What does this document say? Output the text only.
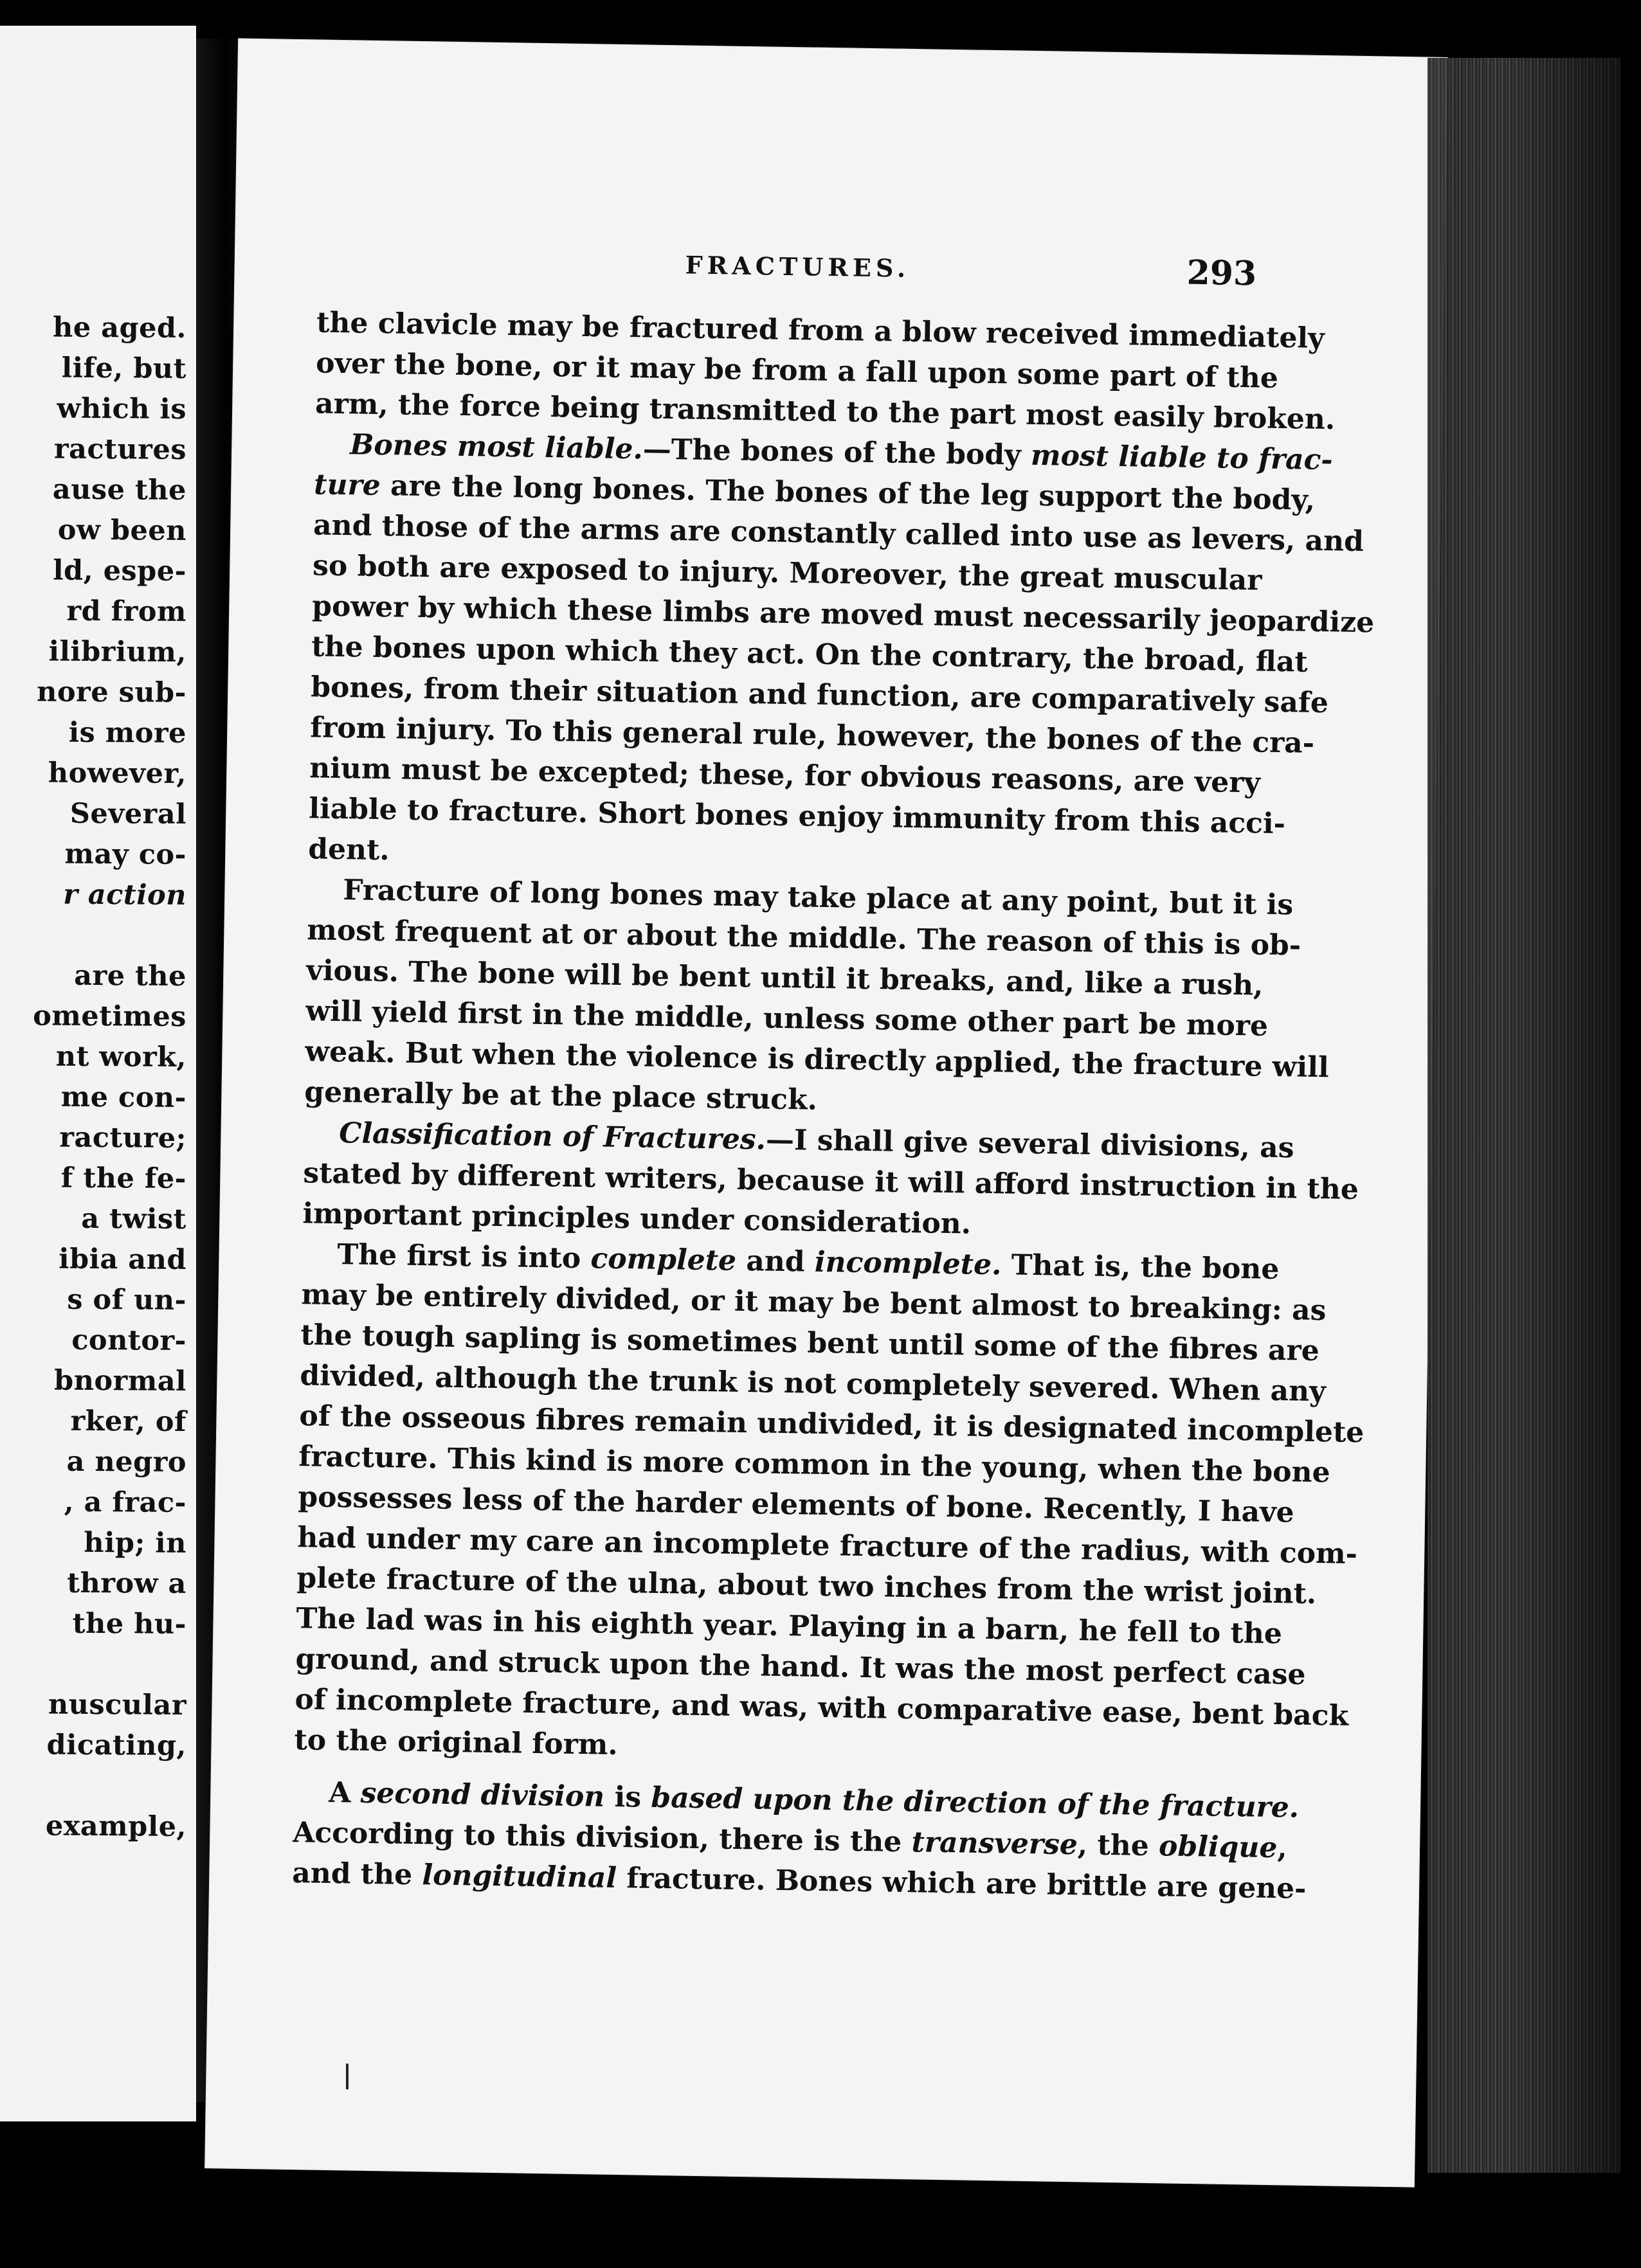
he aged.
life, but
which is
ractures
ause the
ow been
ld, espe-
rd from
ilibrium,
nore sub-
is more
however,
Several
may co-
r action

are the
ometimes
nt work,
me con-
racture;
f the fe-
a twist
ibia and
s of un-
contor-
bnormal
rker, of
a negro
, a frac-
hip; in
throw a
the hu-

nuscular
dicating,

example,
FRACTURES.	293
the clavicle may be fractured from a blow received immediately
over the bone, or it may be from a fall upon some part of the
arm, the force being transmitted to the part most easily broken.
Bones most liable.—The bones of the body most liable to frac-
ture are the long bones. The bones of the leg support the body,
and those of the arms are constantly called into use as levers, and
so both are exposed to injury. Moreover, the great muscular
power by which these limbs are moved must necessarily jeopardize
the bones upon which they act. On the contrary, the broad, flat
bones, from their situation and function, are comparatively safe
from injury. To this general rule, however, the bones of the cra-
nium must be excepted; these, for obvious reasons, are very
liable to fracture. Short bones enjoy immunity from this acci-
dent.
Fracture of long bones may take place at any point, but it is
most frequent at or about the middle. The reason of this is ob-
vious. The bone will be bent until it breaks, and, like a rush,
will yield first in the middle, unless some other part be more
weak. But when the violence is directly applied, the fracture will
generally be at the place struck.
Classification of Fractures.—I shall give several divisions, as
stated by different writers, because it will afford instruction in the
important principles under consideration.
The first is into complete and incomplete. That is, the bone
may be entirely divided, or it may be bent almost to breaking: as
the tough sapling is sometimes bent until some of the fibres are
divided, although the trunk is not completely severed. When any
of the osseous fibres remain undivided, it is designated incomplete
fracture. This kind is more common in the young, when the bone
possesses less of the harder elements of bone. Recently, I have
had under my care an incomplete fracture of the radius, with com-
plete fracture of the ulna, about two inches from the wrist joint.
The lad was in his eighth year. Playing in a barn, he fell to the
ground, and struck upon the hand. It was the most perfect case
of incomplete fracture, and was, with comparative ease, bent back
to the original form.
A second division is based upon the direction of the fracture.
According to this division, there is the transverse, the oblique,
and the longitudinal fracture. Bones which are brittle are gene-
